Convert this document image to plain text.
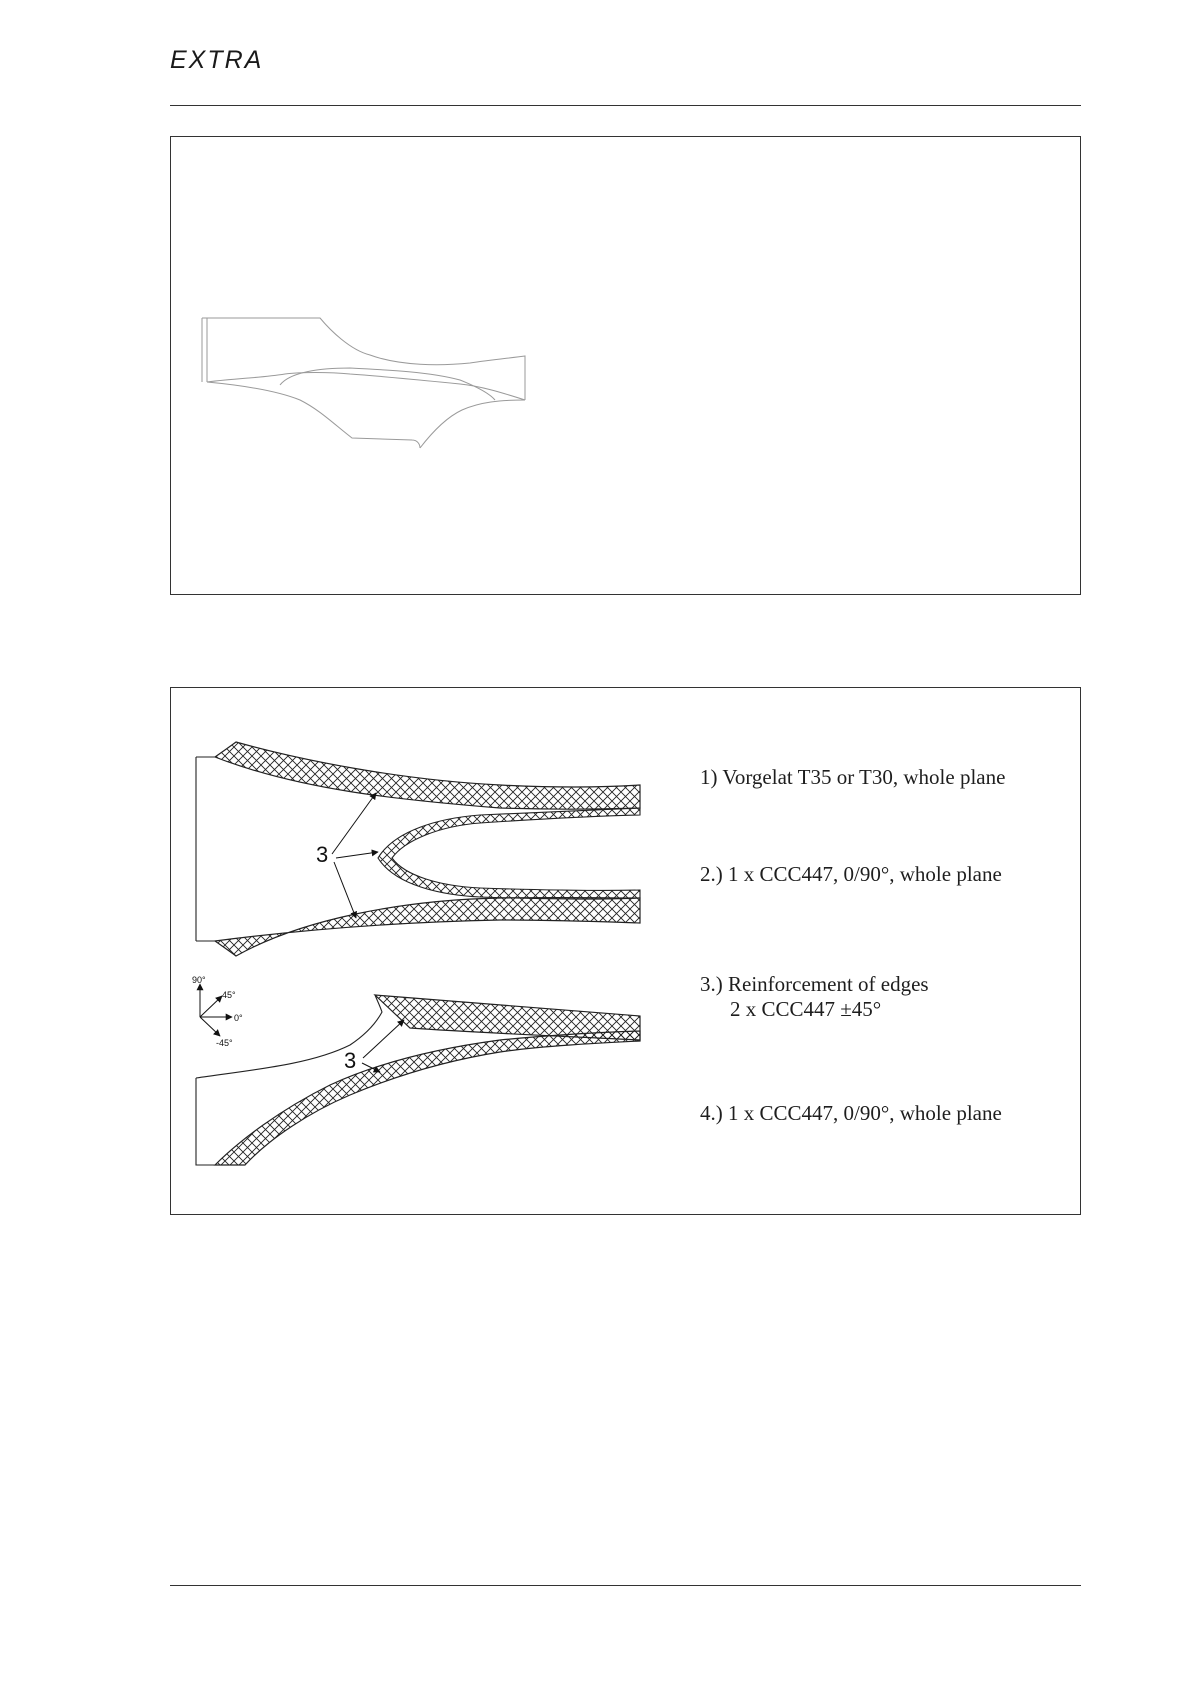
EXTRA
3
90°
45°
0°
-45°
3
1) Vorgelat T35 or T30, whole plane
2.) 1 x CCC447, 0/90°, whole plane
3.) Reinforcement of edges
2 x CCC447 ±45°
4.) 1 x CCC447, 0/90°, whole plane
